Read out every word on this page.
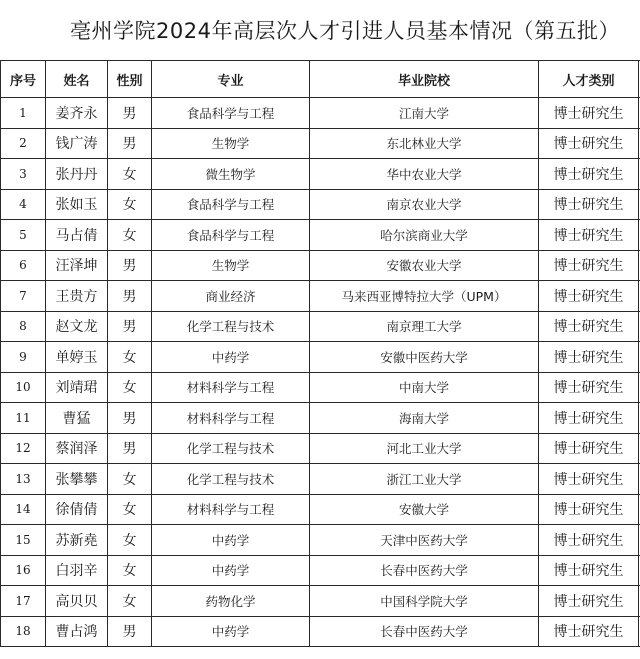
亳州学院2024年高层次人才引进人员基本情况（第五批）
序号	姓名	性别	专业	毕业院校	人才类别	
1	姜齐永	男	食品科学与工程	江南大学	博士研究生	
2	钱广涛	男	生物学	东北林业大学	博士研究生	
3	张丹丹	女	微生物学	华中农业大学	博士研究生	
4	张如玉	女	食品科学与工程	南京农业大学	博士研究生	
5	马占倩	女	食品科学与工程	哈尔滨商业大学	博士研究生	
6	汪泽坤	男	生物学	安徽农业大学	博士研究生	
7	王贵方	男	商业经济	马来西亚博特拉大学（UPM）	博士研究生	
8	赵文龙	男	化学工程与技术	南京理工大学	博士研究生	
9	单婷玉	女	中药学	安徽中医药大学	博士研究生	
10	刘靖珺	女	材料科学与工程	中南大学	博士研究生	
11	曹猛	男	材料科学与工程	海南大学	博士研究生	
12	蔡润泽	男	化学工程与技术	河北工业大学	博士研究生	
13	张攀攀	女	化学工程与技术	浙江工业大学	博士研究生	
14	徐倩倩	女	材料科学与工程	安徽大学	博士研究生	
15	苏新堯	女	中药学	天津中医药大学	博士研究生	
16	白羽辛	女	中药学	长春中医药大学	博士研究生	
17	高贝贝	女	药物化学	中国科学院大学	博士研究生	
18	曹占鸿	男	中药学	长春中医药大学	博士研究生	
